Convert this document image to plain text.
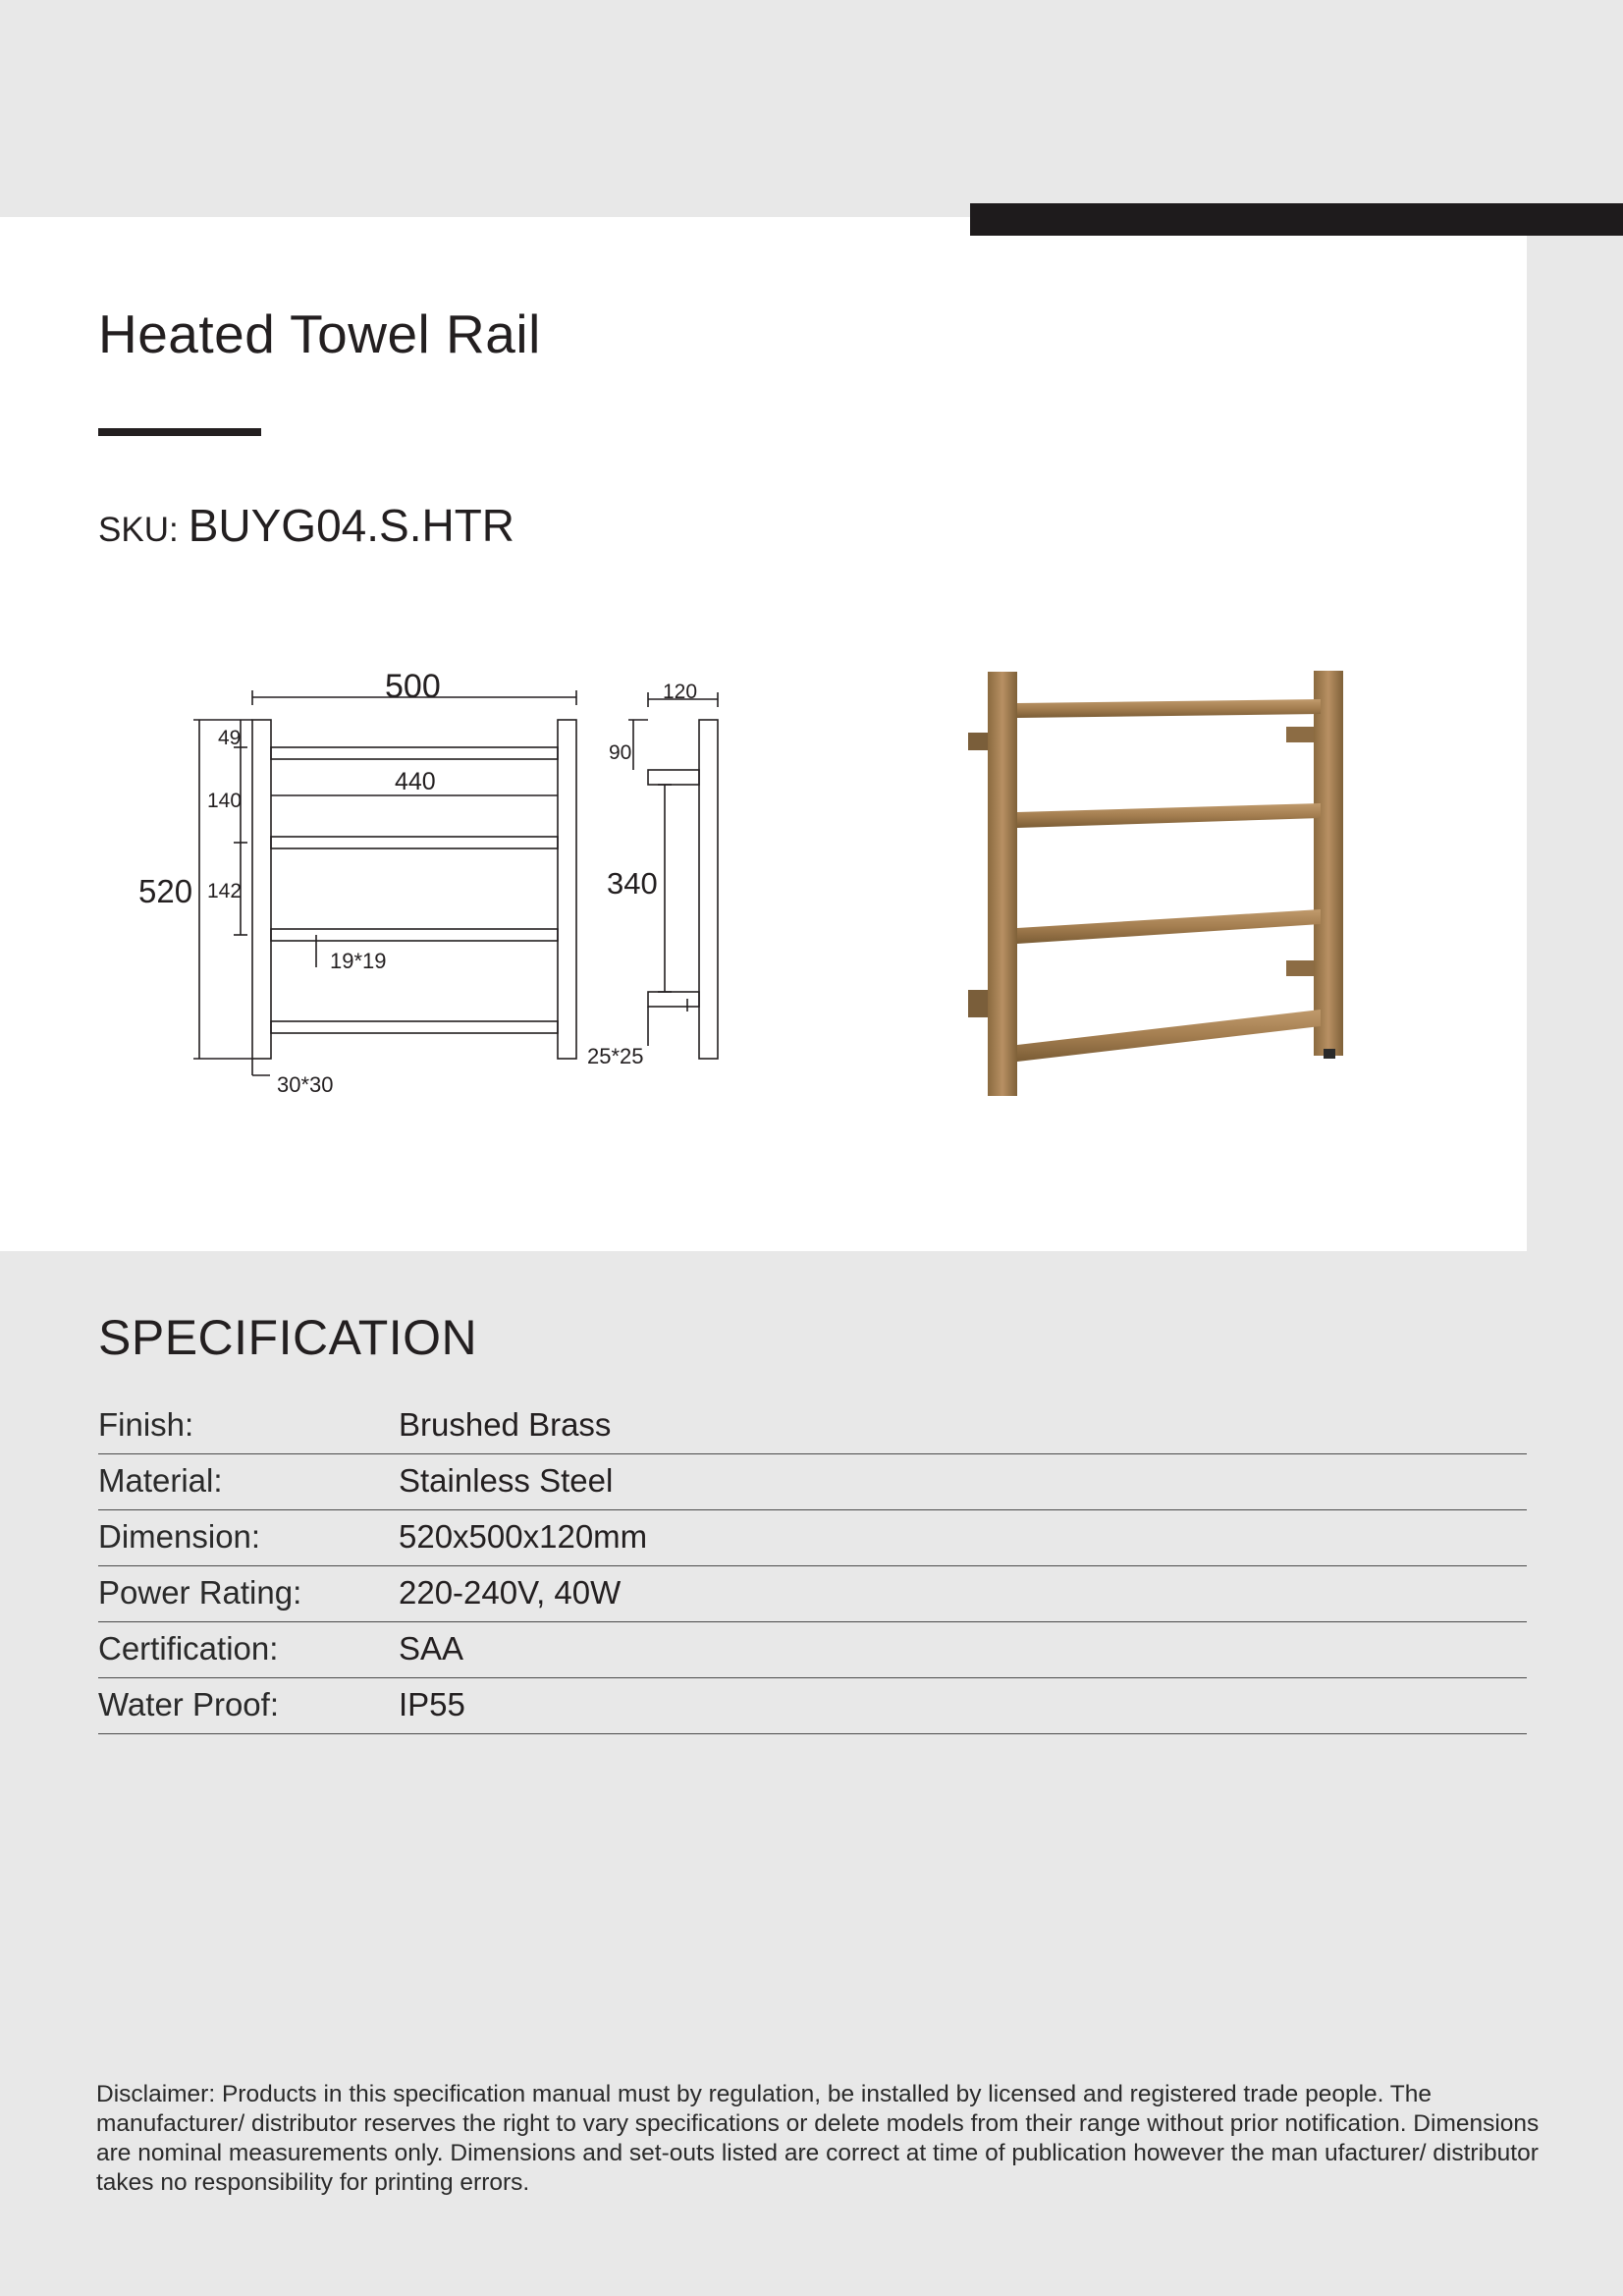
Heated Towel Rail
SKU: BUYG04.S.HTR
500
440
520
49
140
142
19*19
30*30
120
90
340
25*25
SPECIFICATION
Finish:	Brushed Brass
Material:	Stainless Steel
Dimension:	520x500x120mm
Power Rating:	220-240V, 40W
Certification:	SAA
Water Proof:	IP55

Disclaimer: Products in this specification manual must by regulation, be installed by licensed and registered trade people. The manufacturer/ distributor reserves the right to vary specifications or delete models from their range without prior notification. Dimensions are nominal measurements only. Dimensions and set-outs listed are correct at time of publication however the man ufacturer/ distributor takes no responsibility for printing errors.
